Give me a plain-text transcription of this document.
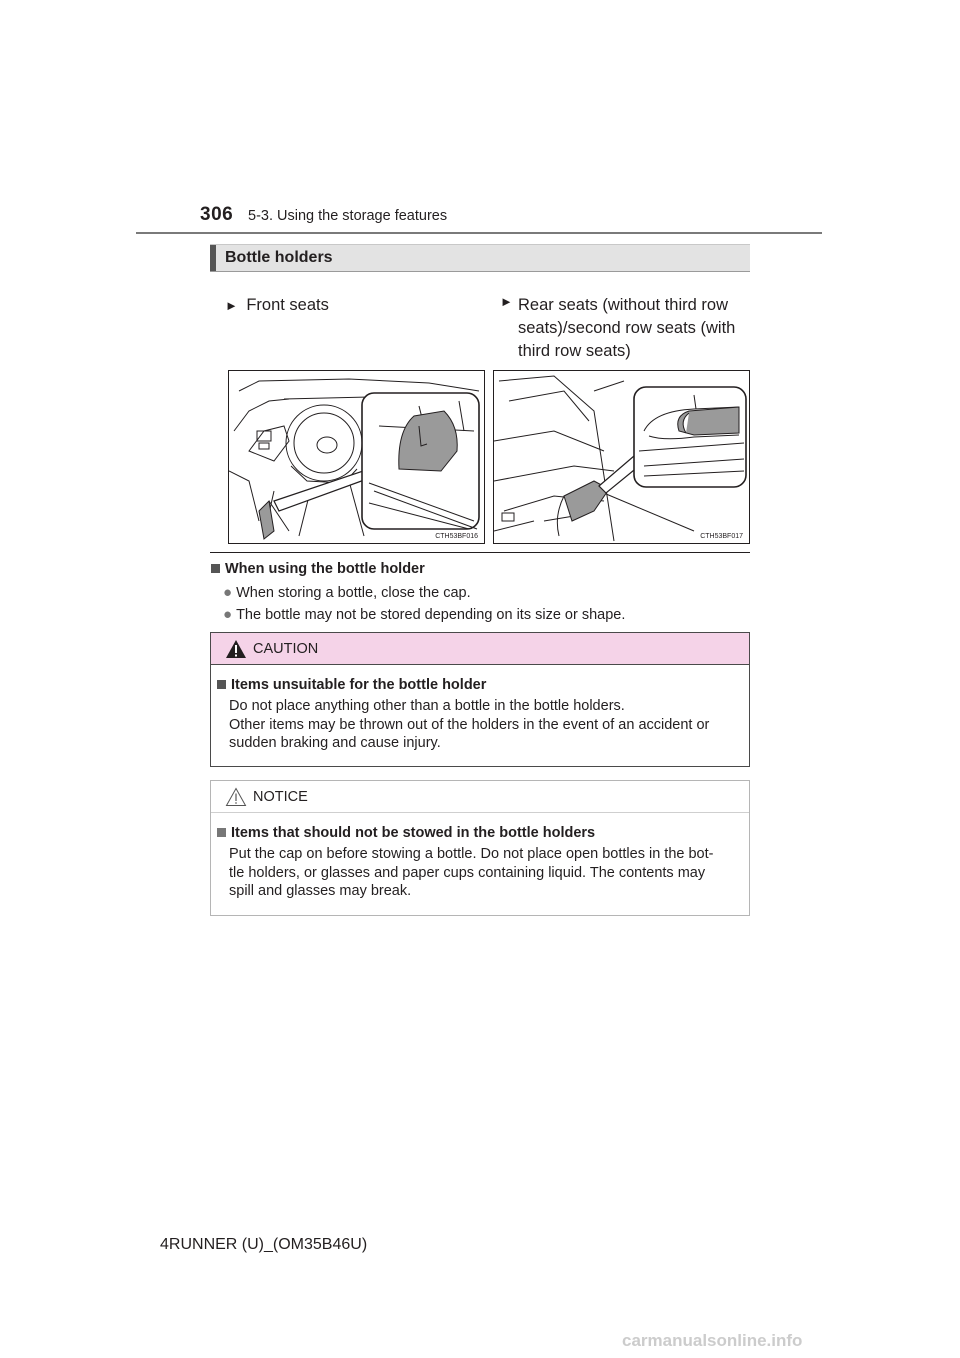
306 5-3. Using the storage features
Bottle holders
► Front seats	► Rear seats (without third row
seats)/second row seats (with
third row seats)
CTH53BF016	CTH53BF017
When using the bottle holder
● When storing a bottle, close the cap.
● The bottle may not be stored depending on its size or shape.
CAUTION
Items unsuitable for the bottle holder

Do not place anything other than a bottle in the bottle holders.

Other items may be thrown out of the holders in the event of an accident or

sudden braking and cause injury.

NOTICE
Items that should not be stowed in the bottle holders

Put the cap on before stowing a bottle. Do not place open bottles in the bot-

tle holders, or glasses and paper cups containing liquid. The contents may

spill and glasses may break.

4RUNNER (U)_(OM35B46U)
carmanualsonline.info
